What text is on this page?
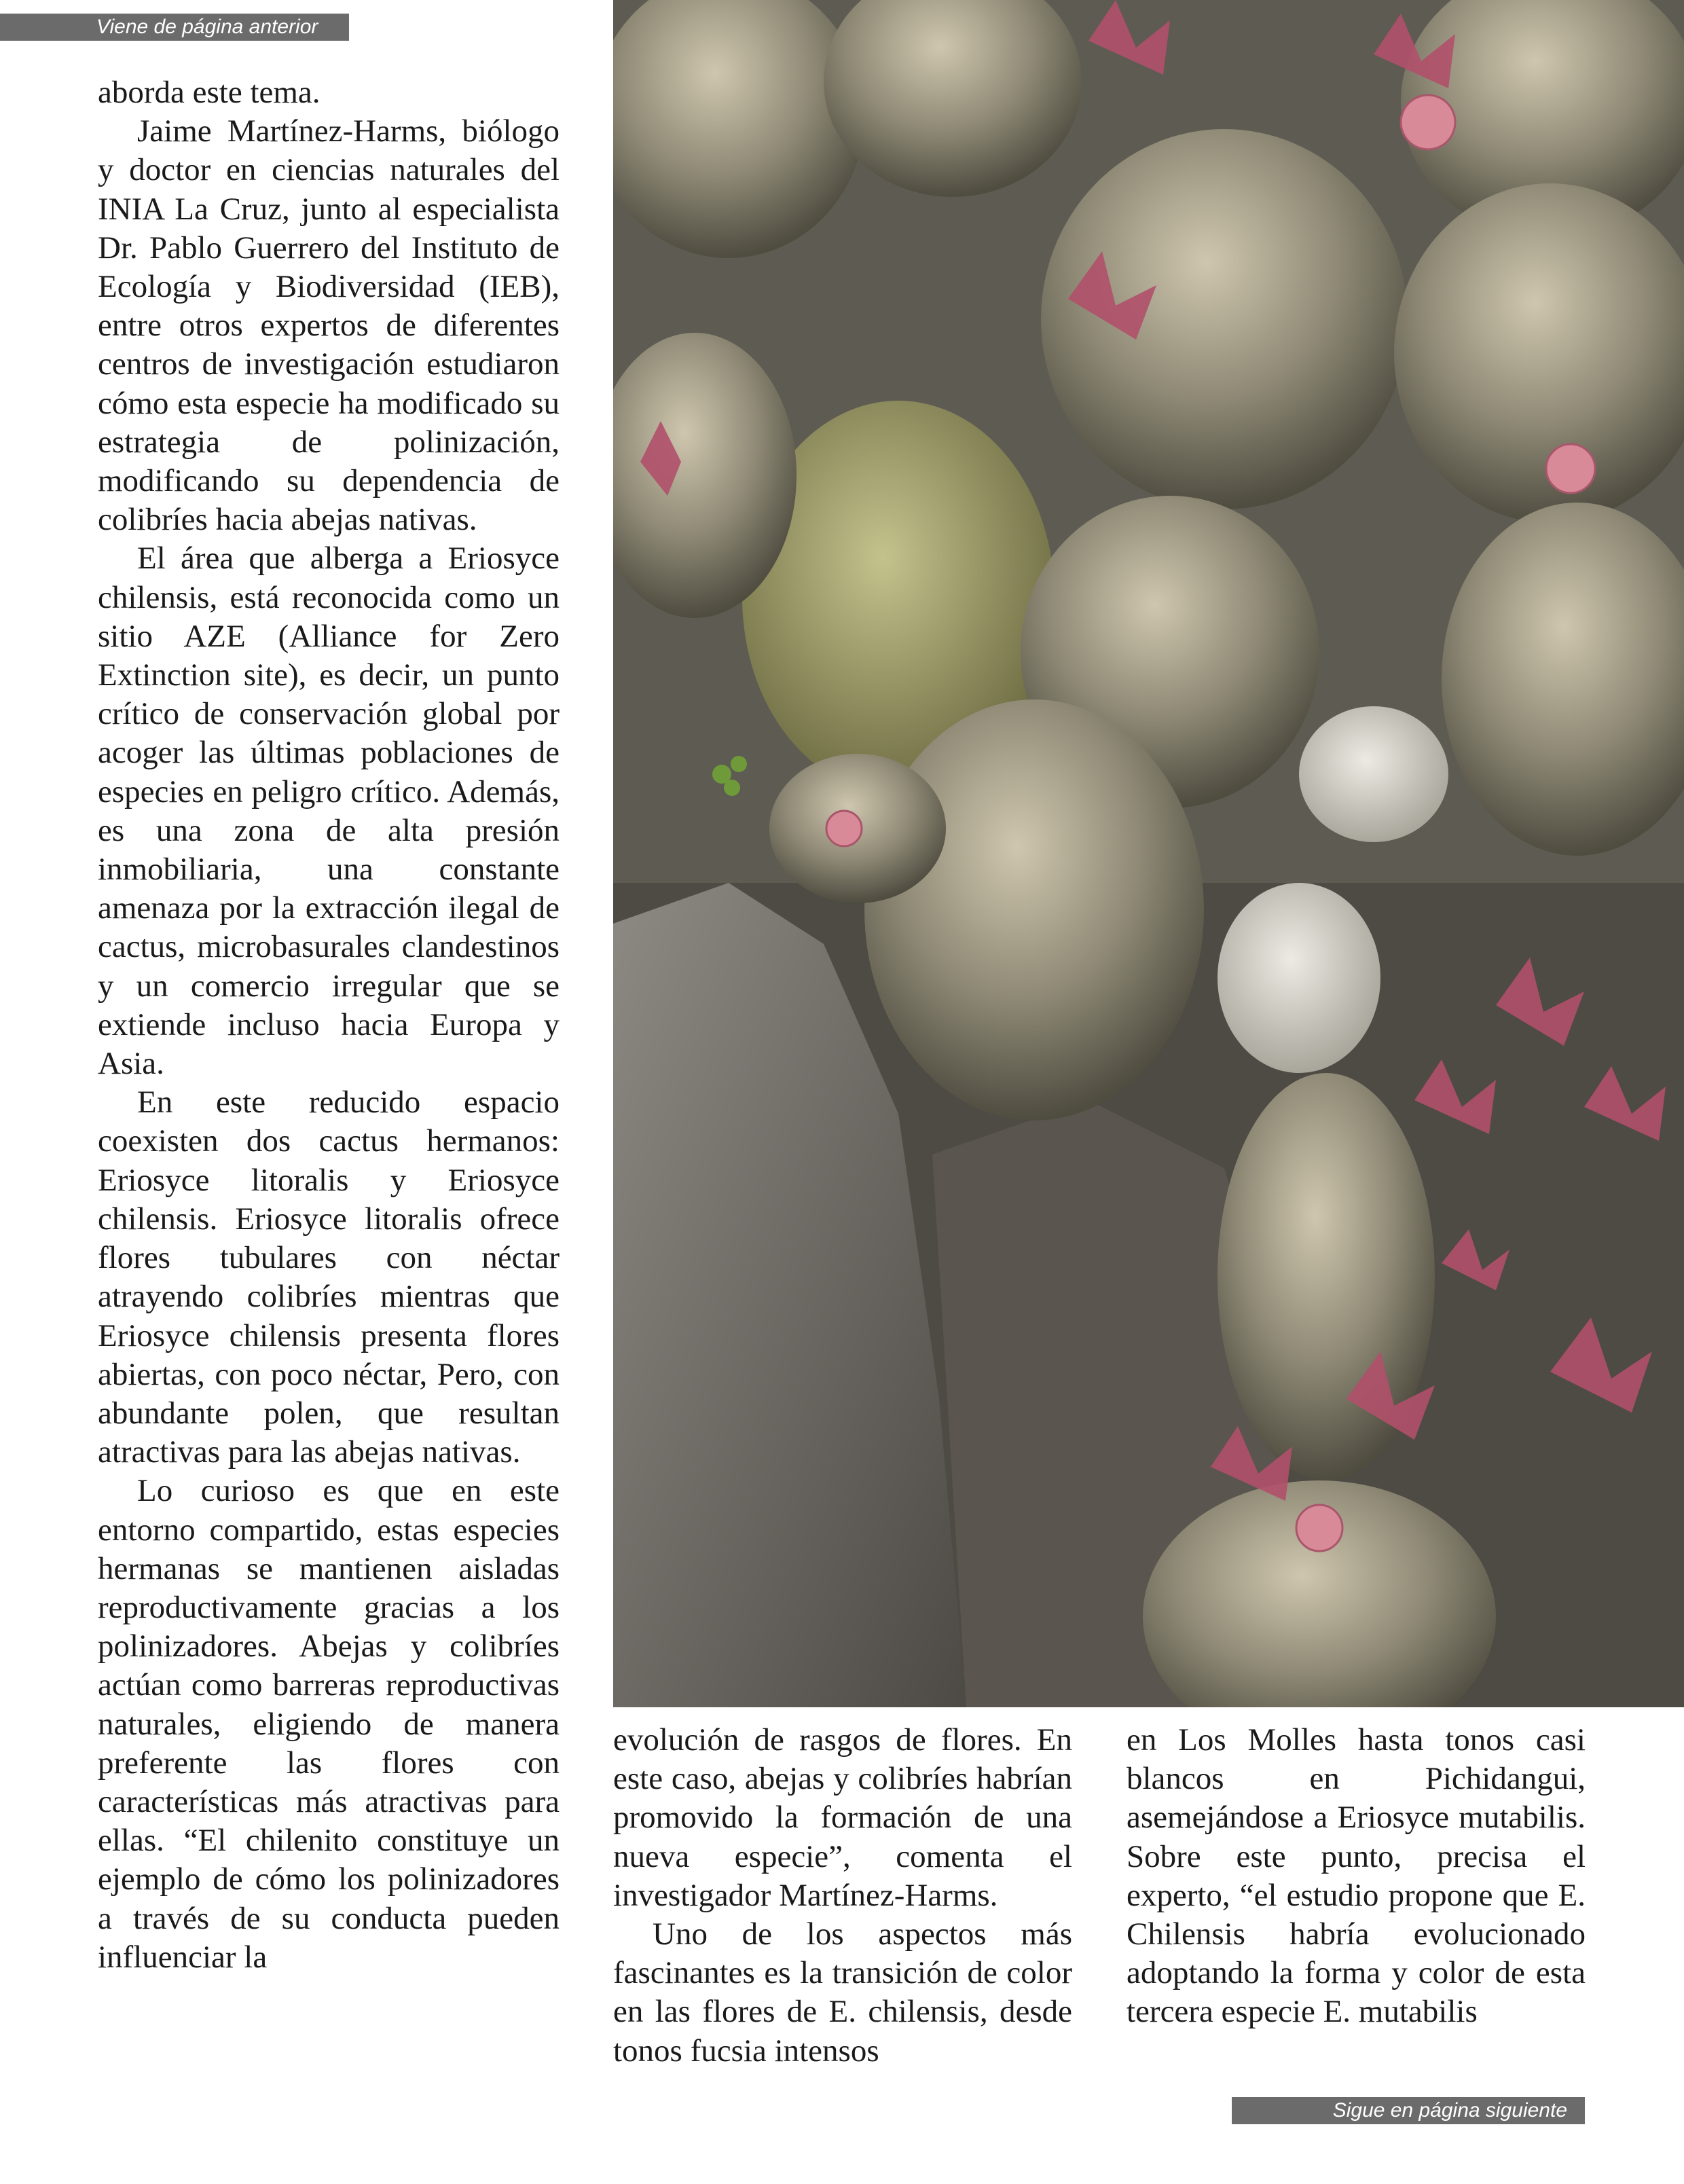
Viene de página anterior

aborda este tema.

Jaime Martínez-Harms, biólogo y doctor en ciencias naturales del INIA La Cruz, junto al especialista Dr. Pablo Guerrero del Instituto de Ecología y Biodiversidad (IEB), entre otros expertos de diferentes centros de investigación estudiaron cómo esta especie ha modificado su estrategia de polinización, modificando su dependencia de colibríes hacia abejas nativas.

El área que alberga a Eriosyce chilensis, está reconocida como un sitio AZE (Alliance for Zero Extinction site), es decir, un punto crítico de conservación global por acoger las últimas poblaciones de especies en peligro crítico. Además, es una zona de alta presión inmobiliaria, una constante amenaza por la extracción ilegal de cactus, microbasurales clandestinos y un comercio irregular que se extiende incluso hacia Europa y Asia.

En este reducido espacio coexisten dos cactus hermanos: Eriosyce litoralis y Eriosyce chilensis. Eriosyce litoralis ofrece flores tubulares con néctar atrayendo colibríes mientras que Eriosyce chilensis presenta flores abiertas, con poco néctar, Pero, con abundante polen, que resultan atractivas para las abejas nativas.

Lo curioso es que en este entorno compartido, estas especies hermanas se mantienen aisladas reproductivamente gracias a los polinizadores. Abejas y colibríes actúan como barreras reproductivas naturales, eligiendo de manera preferente las flores con características más atractivas para ellas. “El chilenito constituye un ejemplo de cómo los polinizadores a través de su conducta pueden influenciar la

evolución de rasgos de flores. En este caso, abejas y colibríes habrían promovido la formación de una nueva especie”, comenta el investigador Martínez-Harms.

Uno de los aspectos más fascinantes es la transición de color en las flores de E. chilensis, desde tonos fucsia intensos

en Los Molles hasta tonos casi blancos en Pichidangui, asemejándose a Eriosyce mutabilis. Sobre este punto, precisa el experto, “el estudio propone que E. Chilensis habría evolucionado adoptando la forma y color de esta tercera especie E. mutabilis

Sigue en página siguiente
